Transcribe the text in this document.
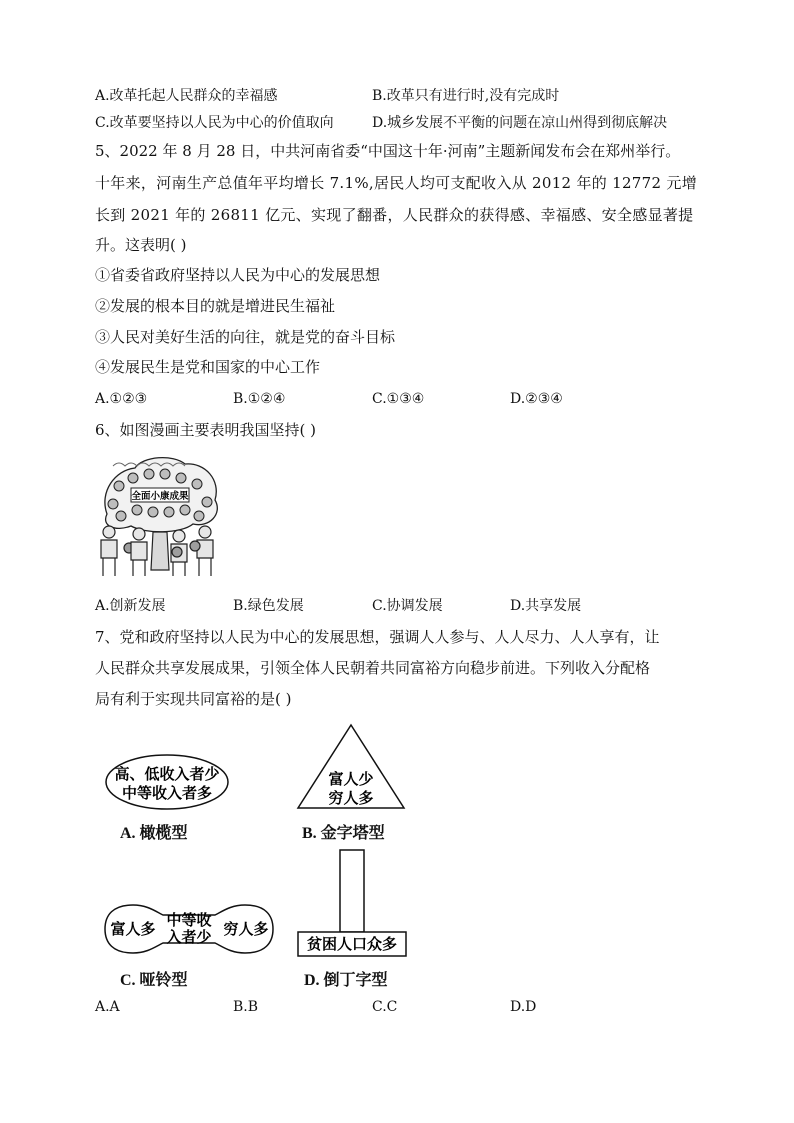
A.改革托起人民群众的幸福感	B.改革只有进行时,没有完成时
C.改革要坚持以人民为中心的价值取向	D.城乡发展不平衡的问题在凉山州得到彻底解决
5、2022 年 8 月 28 日，中共河南省委“中国这十年·河南”主题新闻发布会在郑州举行。
十年来，河南生产总值年平均增长 7.1%,居民人均可支配收入从 2012 年的 12772 元增
长到 2021 年的 26811 亿元、实现了翻番，人民群众的获得感、幸福感、安全感显著提
升。这表明( )
①省委省政府坚持以人民为中心的发展思想
②发展的根本目的就是增进民生福祉
③人民对美好生活的向往，就是党的奋斗目标
④发展民生是党和国家的中心工作
A.①②③	B.①②④	C.①③④	D.②③④
6、如图漫画主要表明我国坚持( )
全面小康成果
A.创新发展	B.绿色发展	C.协调发展	D.共享发展
7、党和政府坚持以人民为中心的发展思想，强调人人参与、人人尽力、人人享有，让
人民群众共享发展成果，引领全体人民朝着共同富裕方向稳步前进。下列收入分配格
局有利于实现共同富裕的是( )
高、低收入者少
中等收入者多
A. 橄榄型
富人少
穷人多
B. 金字塔型
富人多 中等收
入者少 穷人多
C. 哑铃型
贫困人口众多
D. 倒丁字型
A.A	B.B	C.C	D.D
